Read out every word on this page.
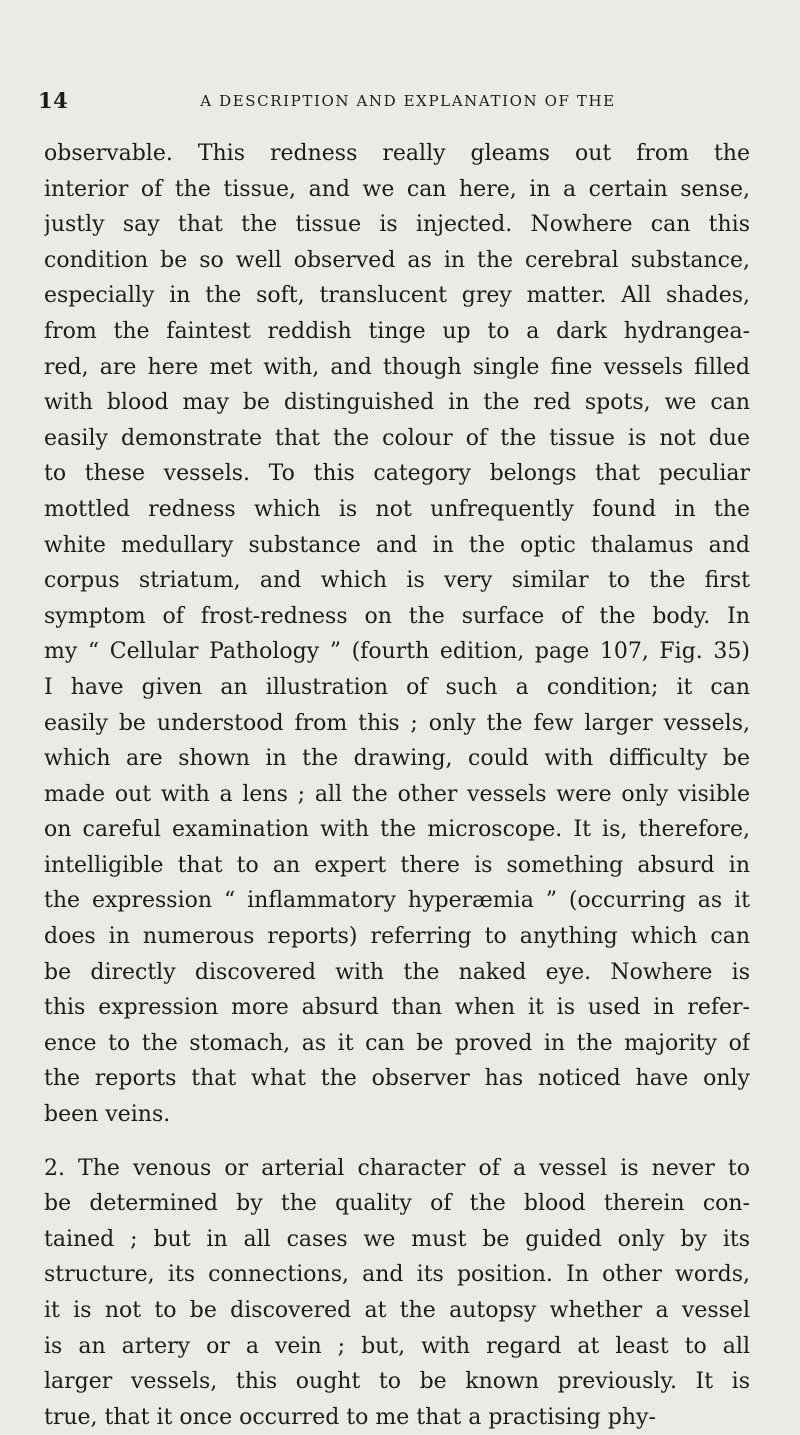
14	A DESCRIPTION AND EXPLANATION OF THE
observable. This redness really gleams out from the
interior of the tissue, and we can here, in a certain sense,
justly say that the tissue is injected. Nowhere can this
condition be so well observed as in the cerebral substance,
especially in the soft, translucent grey matter. All shades,
from the faintest reddish tinge up to a dark hydrangea-
red, are here met with, and though single fine vessels filled
with blood may be distinguished in the red spots, we can
easily demonstrate that the colour of the tissue is not due
to these vessels. To this category belongs that peculiar
mottled redness which is not unfrequently found in the
white medullary substance and in the optic thalamus and
corpus striatum, and which is very similar to the first
symptom of frost-redness on the surface of the body. In
my “ Cellular Pathology ” (fourth edition, page 107, Fig. 35)
I have given an illustration of such a condition; it can
easily be understood from this ; only the few larger vessels,
which are shown in the drawing, could with difficulty be
made out with a lens ; all the other vessels were only visible
on careful examination with the microscope. It is, therefore,
intelligible that to an expert there is something absurd in
the expression “ inflammatory hyperæmia ” (occurring as it
does in numerous reports) referring to anything which can
be directly discovered with the naked eye. Nowhere is
this expression more absurd than when it is used in refer-
ence to the stomach, as it can be proved in the majority of
the reports that what the observer has noticed have only
been veins.
2. The venous or arterial character of a vessel is never to
be determined by the quality of the blood therein con-
tained ; but in all cases we must be guided only by its
structure, its connections, and its position. In other words,
it is not to be discovered at the autopsy whether a vessel
is an artery or a vein ; but, with regard at least to all
larger vessels, this ought to be known previously. It is
true, that it once occurred to me that a practising phy-
